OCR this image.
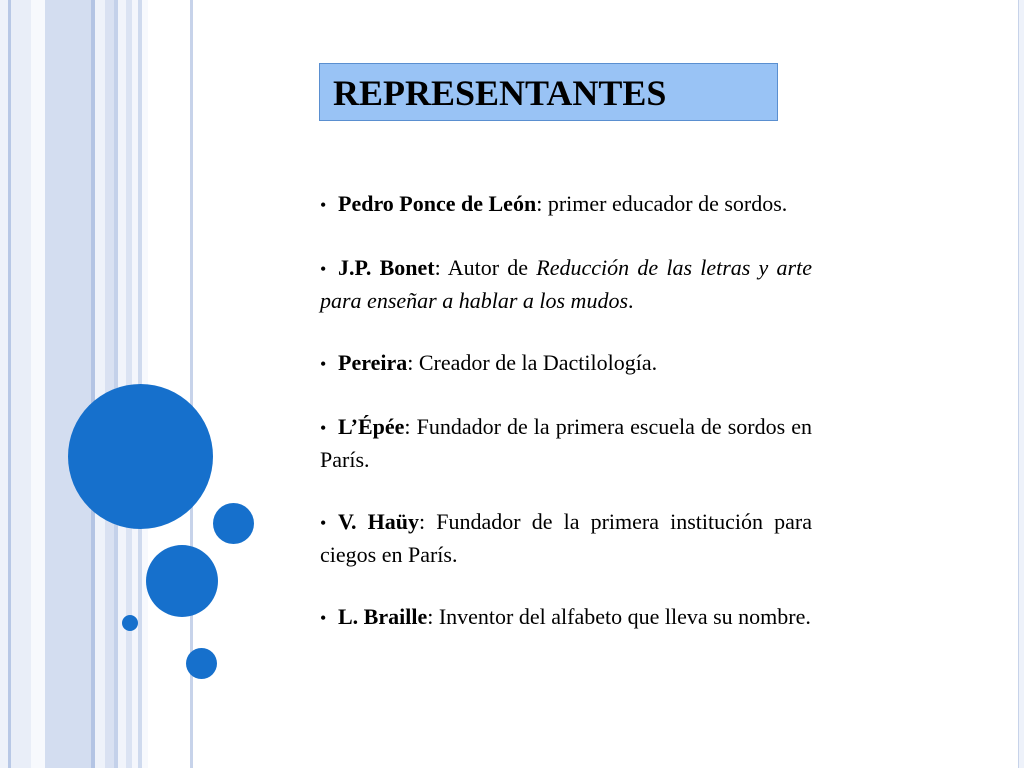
REPRESENTANTES

• Pedro Ponce de León: primer educador de sordos.

• J.P. Bonet: Autor de Reducción de las letras y arte para enseñar a hablar a los mudos.

• Pereira: Creador de la Dactilología.

• L’Épée: Fundador de la primera escuela de sordos en París.

• V. Haüy: Fundador de la primera institución para ciegos en París.

• L. Braille: Inventor del alfabeto que lleva su nombre.
